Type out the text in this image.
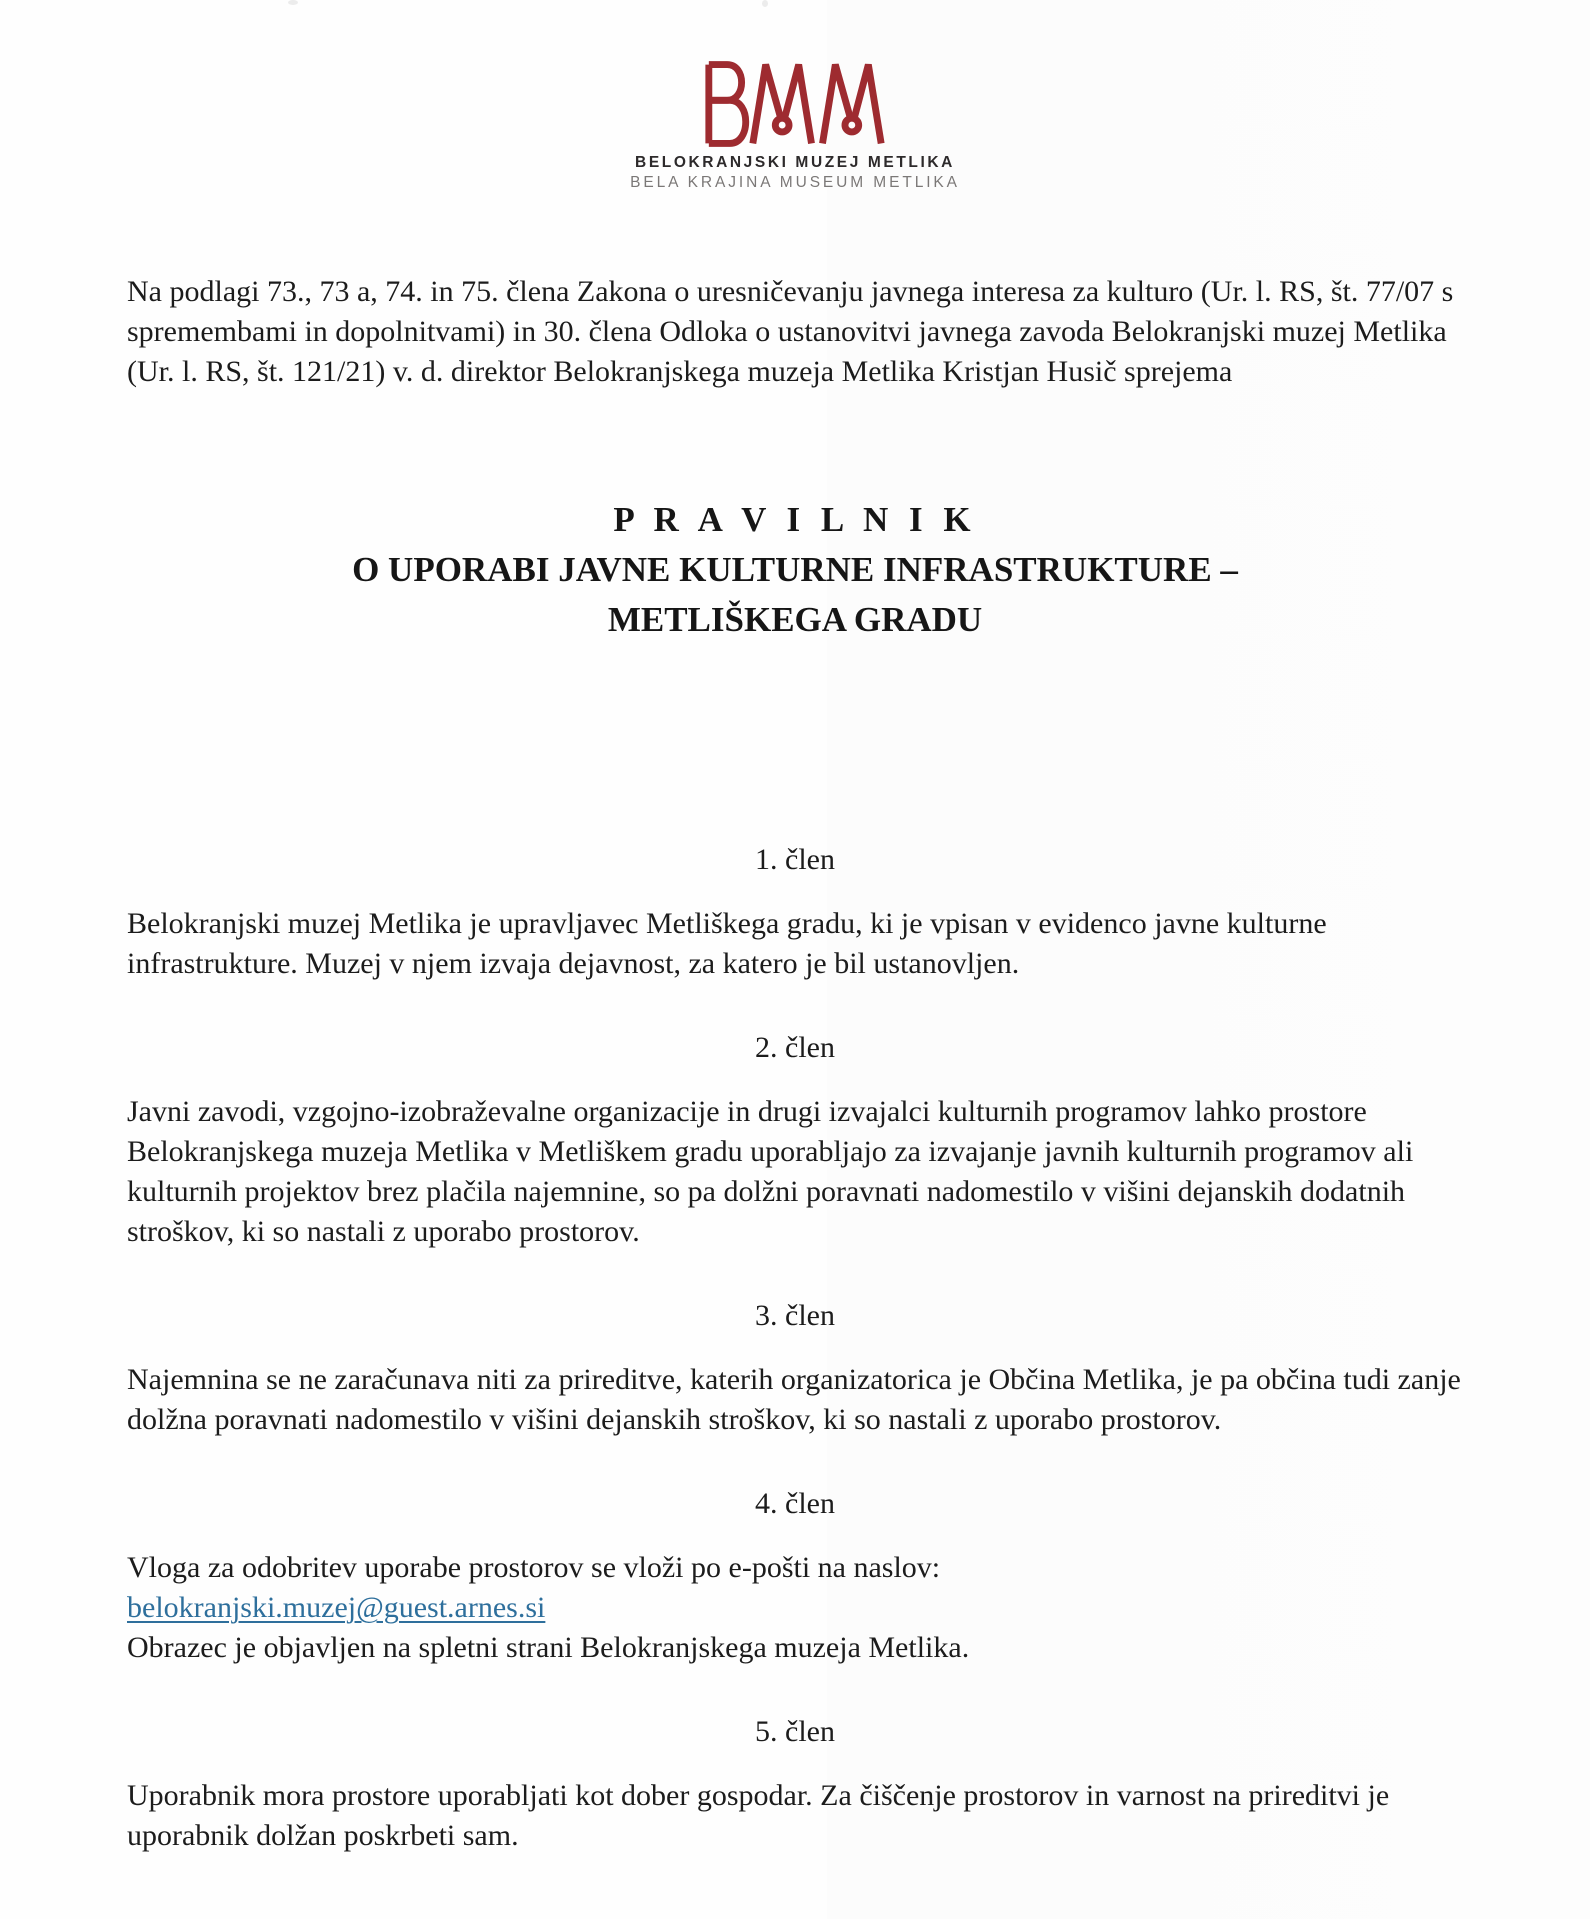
BELOKRANJSKI MUZEJ METLIKA
BELA KRAJINA MUSEUM METLIKA

Na podlagi 73., 73 a, 74. in 75. člena Zakona o uresničevanju javnega interesa za kulturo (Ur. l. RS, št. 77/07 s spremembami in dopolnitvami) in 30. člena Odloka o ustanovitvi javnega zavoda Belokranjski muzej Metlika (Ur. l. RS, št. 121/21) v. d. direktor Belokranjskega muzeja Metlika Kristjan Husič sprejema

P R A V I L N I K
O UPORABI JAVNE KULTURNE INFRASTRUKTURE –
METLIŠKEGA GRADU
1. člen

Belokranjski muzej Metlika je upravljavec Metliškega gradu, ki je vpisan v evidenco javne kulturne infrastrukture. Muzej v njem izvaja dejavnost, za katero je bil ustanovljen.

2. člen

Javni zavodi, vzgojno-izobraževalne organizacije in drugi izvajalci kulturnih programov lahko prostore Belokranjskega muzeja Metlika v Metliškem gradu uporabljajo za izvajanje javnih kulturnih programov ali kulturnih projektov brez plačila najemnine, so pa dolžni poravnati nadomestilo v višini dejanskih dodatnih stroškov, ki so nastali z uporabo prostorov.

3. člen

Najemnina se ne zaračunava niti za prireditve, katerih organizatorica je Občina Metlika, je pa občina tudi zanje dolžna poravnati nadomestilo v višini dejanskih stroškov, ki so nastali z uporabo prostorov.

4. člen

Vloga za odobritev uporabe prostorov se vloži po e-pošti na naslov:
belokranjski.muzej@guest.arnes.si
Obrazec je objavljen na spletni strani Belokranjskega muzeja Metlika.

5. člen

Uporabnik mora prostore uporabljati kot dober gospodar. Za čiščenje prostorov in varnost na prireditvi je uporabnik dolžan poskrbeti sam.
